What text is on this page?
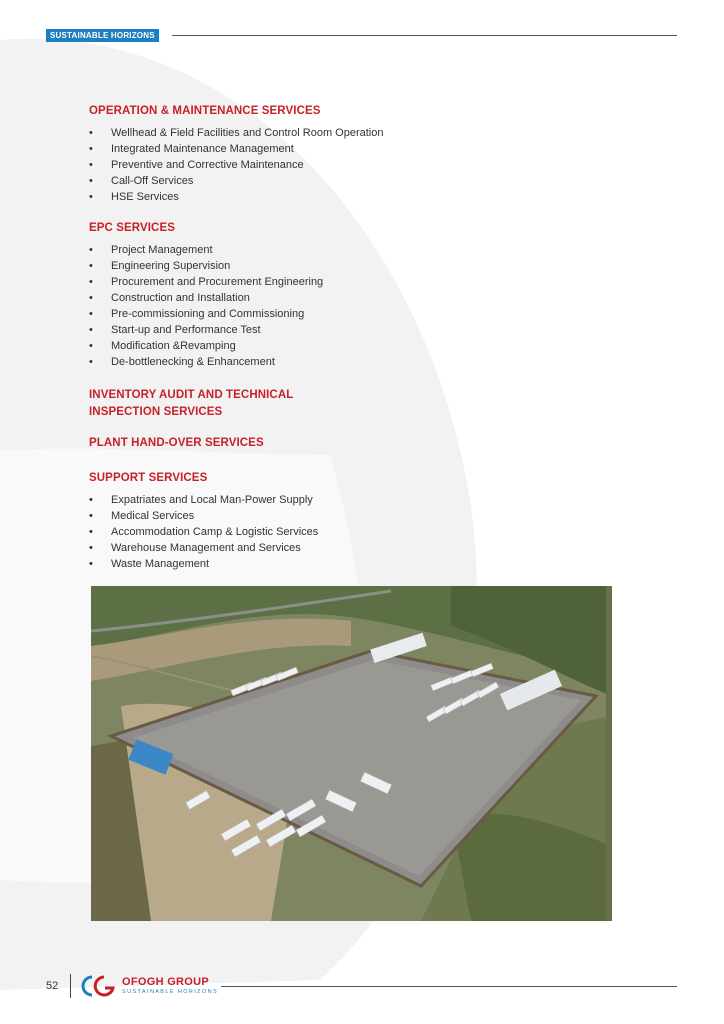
SUSTAINABLE HORIZONS
OPERATION & MAINTENANCE SERVICES
• Wellhead & Field Facilities and Control Room Operation
• Integrated Maintenance Management
• Preventive and Corrective Maintenance
• Call-Off Services
• HSE Services
EPC SERVICES
• Project Management
• Engineering Supervision
• Procurement and Procurement Engineering
• Construction and Installation
• Pre-commissioning and Commissioning
• Start-up and Performance Test
• Modification &Revamping
• De-bottlenecking & Enhancement
INVENTORY AUDIT AND TECHNICAL
INSPECTION SERVICES
PLANT HAND-OVER SERVICES
SUPPORT SERVICES
• Expatriates and Local Man-Power Supply
• Medical Services
• Accommodation Camp & Logistic Services
• Warehouse Management and Services
• Waste Management
52	OFOGH GROUP
SUSTAINABLE HORIZONS
